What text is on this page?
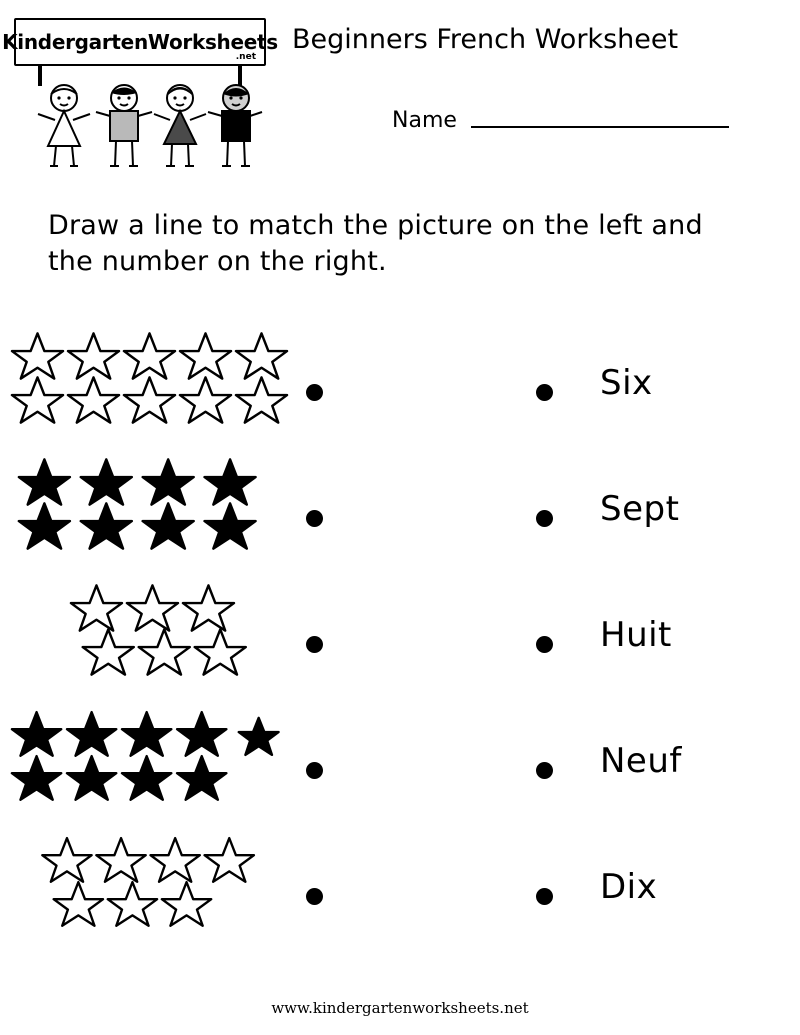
KindergartenWorksheets
.net
Beginners French Worksheet
Name
Draw a line to match the picture on the left and the number on the right.
Six
Sept
Huit
Neuf
Dix
www.kindergartenworksheets.net
